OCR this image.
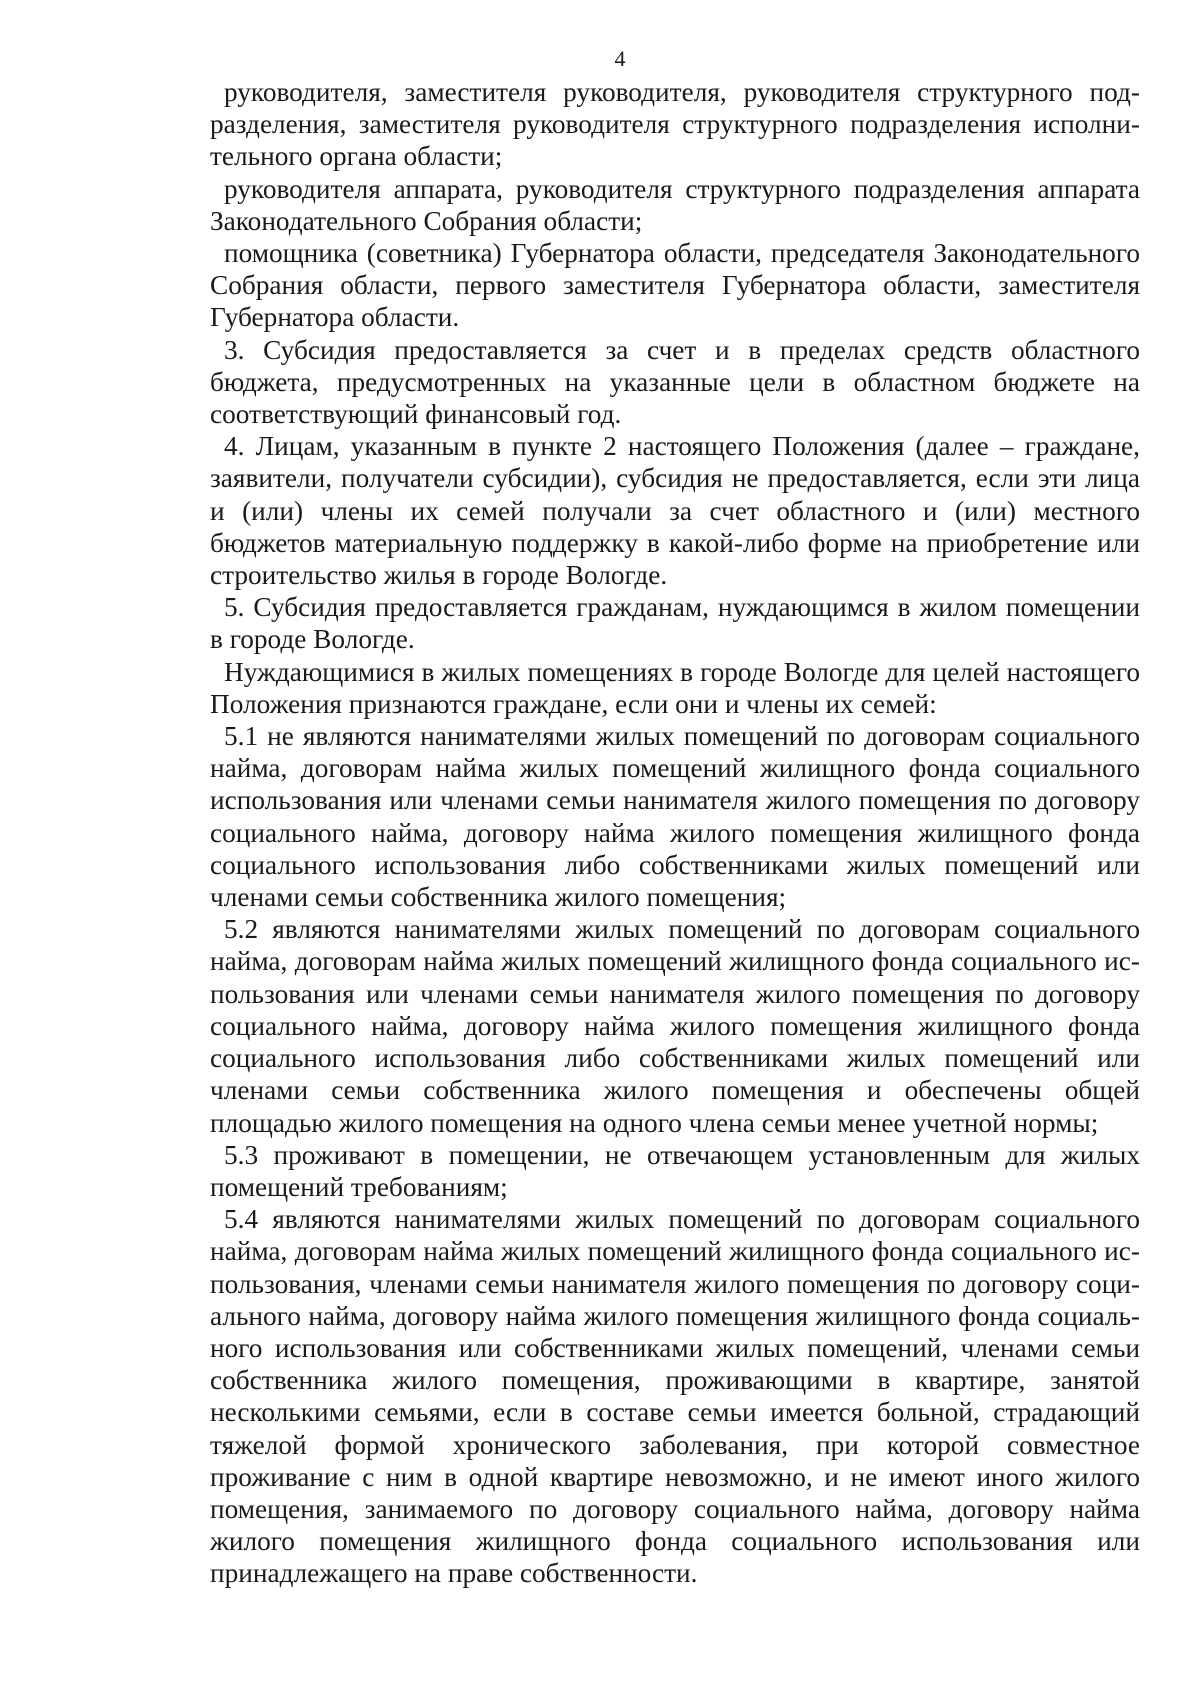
4

руководителя, заместителя руководителя, руководителя структурного подразделения, заместителя руководителя структурного подразделения исполнительного органа области;

руководителя аппарата, руководителя структурного подразделения аппарата Законодательного Собрания области;

помощника (советника) Губернатора области, председателя Законодательного Собрания области, первого заместителя Губернатора области, заместителя Губернатора области.

3. Субсидия предоставляется за счет и в пределах средств областного бюджета, предусмотренных на указанные цели в областном бюджете на соответствующий финансовый год.

4. Лицам, указанным в пункте 2 настоящего Положения (далее – граждане, заявители, получатели субсидии), субсидия не предоставляется, если эти лица и (или) члены их семей получали за счет областного и (или) местного бюджетов материальную поддержку в какой-либо форме на приобретение или строительство жилья в городе Вологде.

5. Субсидия предоставляется гражданам, нуждающимся в жилом помещении в городе Вологде.

Нуждающимися в жилых помещениях в городе Вологде для целей настоящего Положения признаются граждане, если они и члены их семей:

5.1 не являются нанимателями жилых помещений по договорам социального найма, договорам найма жилых помещений жилищного фонда социального использования или членами семьи нанимателя жилого помещения по договору социального найма, договору найма жилого помещения жилищного фонда социального использования либо собственниками жилых помещений или членами семьи собственника жилого помещения;

5.2 являются нанимателями жилых помещений по договорам социального найма, договорам найма жилых помещений жилищного фонда социального использования или членами семьи нанимателя жилого помещения по договору социального найма, договору найма жилого помещения жилищного фонда социального использования либо собственниками жилых помещений или членами семьи собственника жилого помещения и обеспечены общей площадью жилого помещения на одного члена семьи менее учетной нормы;

5.3 проживают в помещении, не отвечающем установленным для жилых помещений требованиям;

5.4 являются нанимателями жилых помещений по договорам социального найма, договорам найма жилых помещений жилищного фонда социального использования, членами семьи нанимателя жилого помещения по договору социального найма, договору найма жилого помещения жилищного фонда социального использования или собственниками жилых помещений, членами семьи собственника жилого помещения, проживающими в квартире, занятой несколькими семьями, если в составе семьи имеется больной, страдающий тяжелой формой хронического заболевания, при которой совместное проживание с ним в одной квартире невозможно, и не имеют иного жилого помещения, занимаемого по договору социального найма, договору найма жилого помещения жилищного фонда социального использования или принадлежащего на праве собственности.
